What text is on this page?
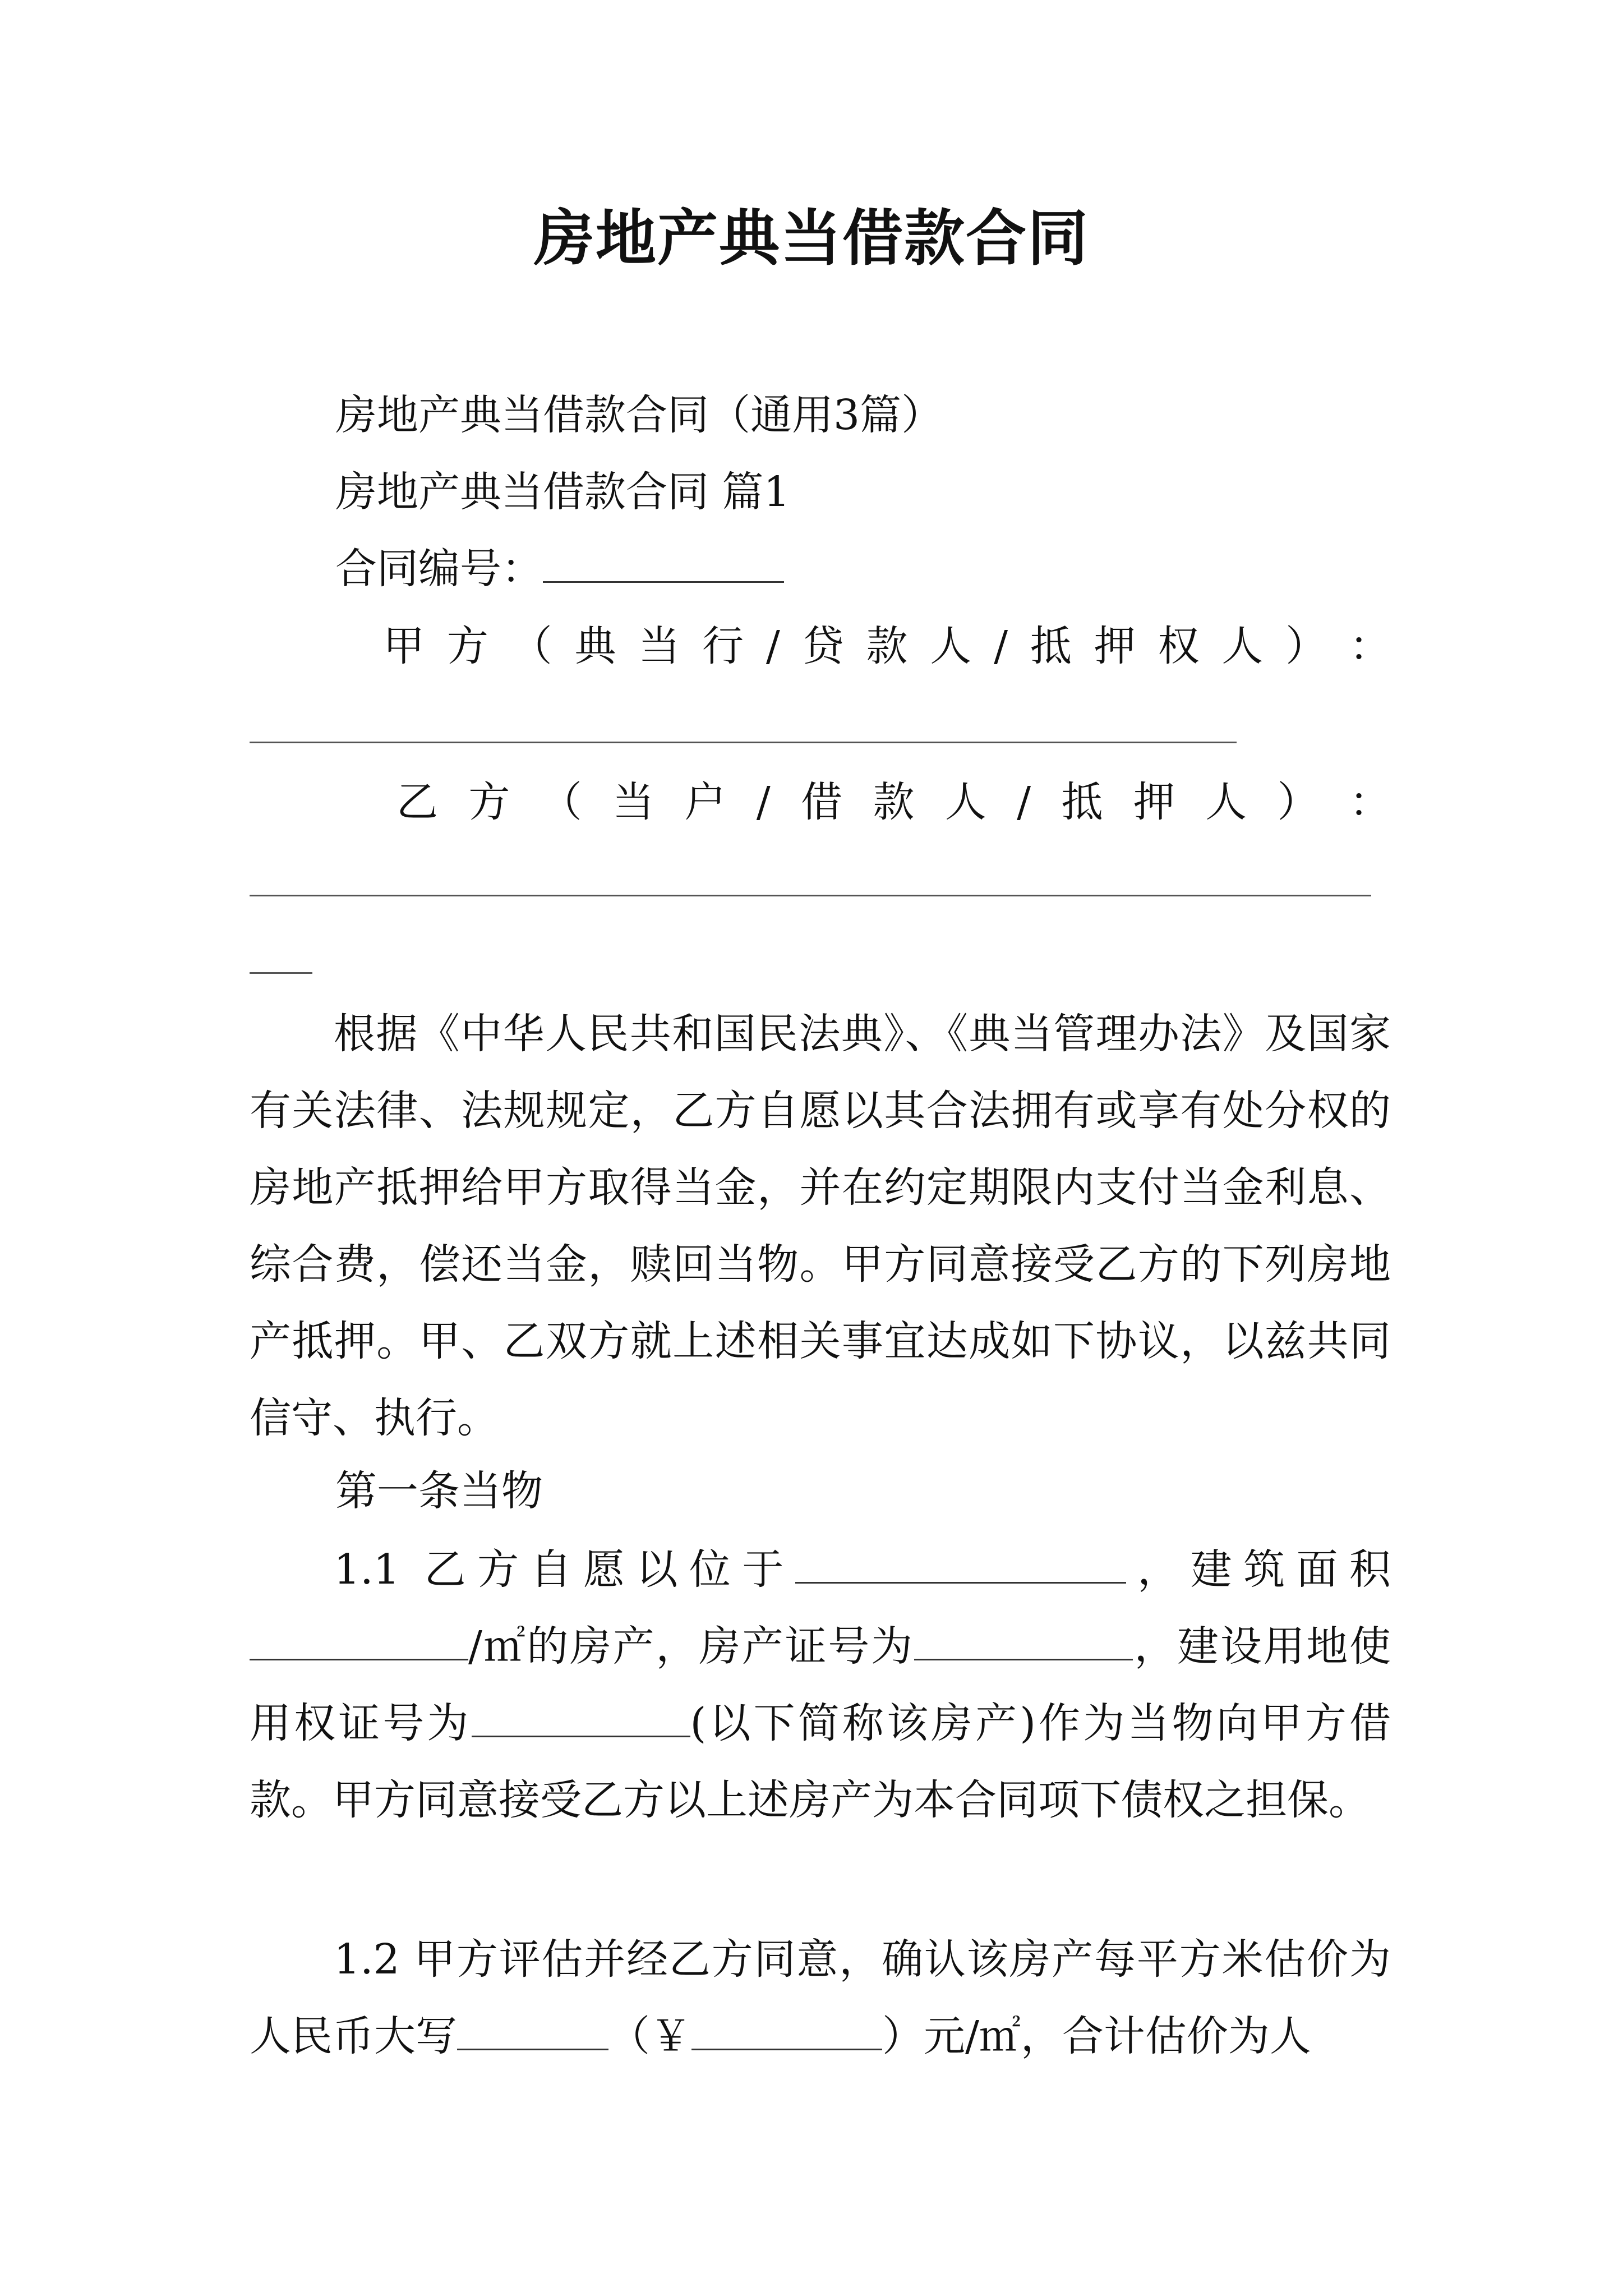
房地产典当借款合同
房地产典当借款合同（通用3篇）
房地产典当借款合同 篇1
合同编号：
甲 方 （ 典 当 行 / 贷 款 人 / 抵 押 权 人 ） ：
乙 方 （ 当 户 / 借 款 人 / 抵 押 人 ） ：
根据《中华人民共和国民法典》、《典当管理办法》及国家有关法律、法规规定，乙方自愿以其合法拥有或享有处分权的房地产抵押给甲方取得当金，并在约定期限内支付当金利息、综合费，偿还当金，赎回当物。甲方同意接受乙方的下列房地产抵押。甲、乙双方就上述相关事宜达成如下协议，以兹共同信守、执行。
第一条当物
1.1 乙方自愿以位于	，建筑面积/㎡的房产，房产证号为	，建设用地使用权证号为	(以下简称该房产)作为当物向甲方借款。甲方同意接受乙方以上述房产为本合同项下债权之担保。
1.2 甲方评估并经乙方同意，确认该房产每平方米估价为人民币大写	（￥	）元/㎡，合计估价为人
